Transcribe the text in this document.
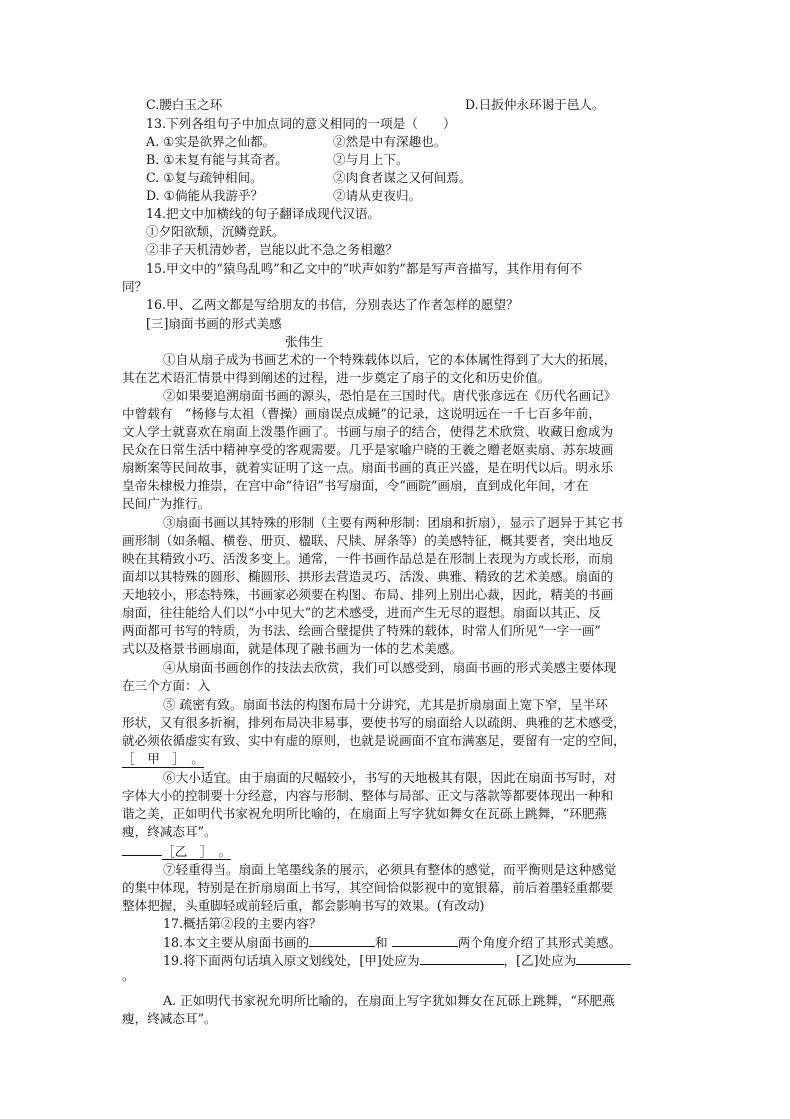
C.腰白玉之环	D.日扳仲永环谒于邑人。
13.下列各组句子中加点词的意义相同的一项是（　　）
A. ①实是欲界之仙都。	②然是中有深趣也。
B. ①未复有能与其奇者。	②与月上下。
C. ①复与疏钟相间。	②肉食者谋之又何间焉。
D. ①倘能从我游乎？	②请从吏夜归。
14.把文中加横线的句子翻译成现代汉语。
①夕阳欲颓，沉鳞竞跃。
②非子天机清妙者，岂能以此不急之务相邀？
15.甲文中的“猿鸟乱鸣”和乙文中的“吠声如豹”都是写声音描写，其作用有何不
同？
16.甲、乙两文都是写给朋友的书信，分别表达了作者怎样的愿望？
[三]扇面书画的形式美感
张伟生
①自从扇子成为书画艺术的一个特殊载体以后，它的本体属性得到了大大的拓展，
其在艺术语汇情景中得到阐述的过程，进一步奠定了扇子的文化和历史价值。
②如果要追溯扇面书画的源头，恐怕是在三国时代。唐代张彦远在《历代名画记》
中曾载有　“杨修与太祖（曹操）画扇误点成蝇”的记录，这说明远在一千七百多年前，
文人学士就喜欢在扇面上泼墨作画了。书画与扇子的结合，使得艺术欣赏、收藏日愈成为
民众在日常生活中精神享受的客观需要。几乎是家喻户晓的王羲之赠老妪卖扇、苏东坡画
扇断案等民间故事，就着实证明了这一点。扇面书画的真正兴盛，是在明代以后。明永乐
皇帝朱棣极力推崇，在宫中命“待诏”书写扇面，令“画院”画扇，直到成化年间，才在
民间广为推行。
③扇面书画以其特殊的形制（主要有两种形制：团扇和折扇），显示了迥异于其它书
画形制（如条幅、横卷、册页、楹联、尺牍、屏条等）的美感特征，概其要者，突出地反
映在其精致小巧、活泼多变上。通常，一件书画作品总是在形制上表现为方或长形，而扇
面却以其特殊的圆形、椭圆形、拱形去营造灵巧、活泼、典雅、精致的艺术美感。扇面的
天地较小，形态特殊，书画家必须要在构图、布局、排列上别出心裁，因此，精美的书画
扇面，往往能给人们以“小中见大”的艺术感受，进而产生无尽的遐想。扇面以其正、反
两面都可书写的特质，为书法、绘画合璧提供了特殊的载体，时常人们所见“一字一画”
式以及格景书画扇面，就是体现了融书画为一体的艺术美感。
④从扇面书画创作的技法去欣赏，我们可以感受到，扇面书画的形式美感主要体现
在三个方面：入
⑤ 疏密有致。扇面书法的构图布局十分讲究，尤其是折扇扇面上宽下窄，呈半环
形状，又有很多折裥，排列布局决非易事，要使书写的扇面给人以疏朗、典雅的艺术感受，
就必须依循虚实有致、实中有虚的原则，也就是说画面不宜布满塞足，要留有一定的空间，
［　甲　］　。
⑥大小适宜。由于扇面的尺幅较小，书写的天地极其有限，因此在扇面书写时，对
字体大小的控制要十分经意，内容与形制、整体与局部、正文与落款等都要体现出一种和
谐之美，正如明代书家祝允明所比喻的，在扇面上写字犹如舞女在瓦砾上跳舞，“环肥燕
瘦，终减态耳”。
［乙　］　。
⑦轻重得当。扇面上笔墨线条的展示，必须具有整体的感觉，而平衡则是这种感觉
的集中体现，特别是在折扇扇面上书写，其空间恰似影视中的宽银幕，前后着墨轻重都要
整体把握，头重脚轻或前轻后重，都会影响书写的效果。(有改动)
17.概括第②段的主要内容？
18.本文主要从扇面书画的	和	两个角度介绍了其形式美感。
19.将下面两句话填入原文划线处，[甲]处应为	，[乙]处应为
。
A. 正如明代书家祝允明所比喻的，在扇面上写字犹如舞女在瓦砾上跳舞，“环肥燕
瘦，终减态耳”。
